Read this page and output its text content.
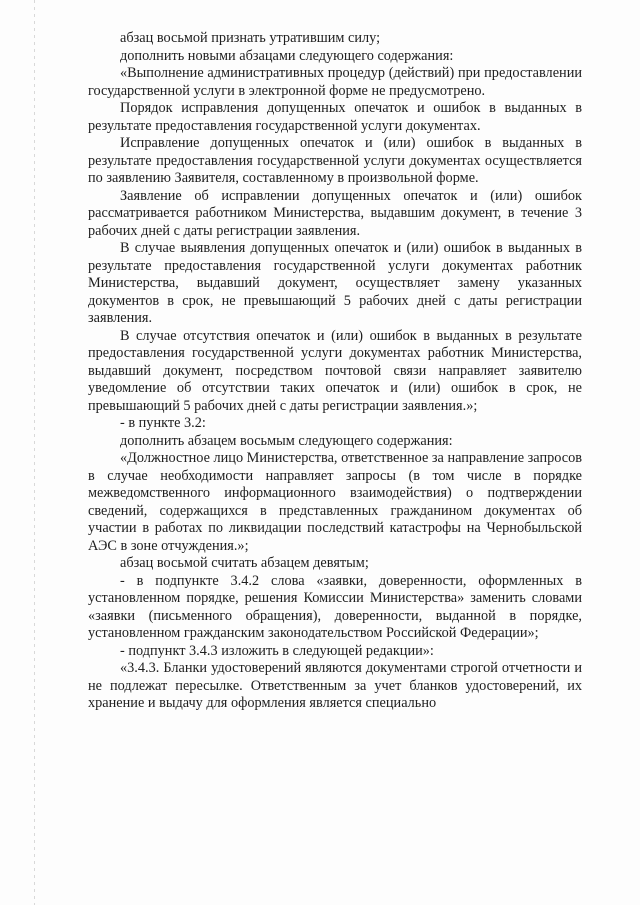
абзац восьмой признать утратившим силу;

дополнить новыми абзацами следующего содержания:

«Выполнение административных процедур (действий) при предоставлении государственной услуги в электронной форме не предусмотрено.

Порядок исправления допущенных опечаток и ошибок в выданных в результате предоставления государственной услуги документах.

Исправление допущенных опечаток и (или) ошибок в выданных в результате предоставления государственной услуги документах осуществляется по заявлению Заявителя, составленному в произвольной форме.

Заявление об исправлении допущенных опечаток и (или) ошибок рассматривается работником Министерства, выдавшим документ, в течение 3 рабочих дней с даты регистрации заявления.

В случае выявления допущенных опечаток и (или) ошибок в выданных в результате предоставления государственной услуги документах работник Министерства, выдавший документ, осуществляет замену указанных документов в срок, не превышающий 5 рабочих дней с даты регистрации заявления.

В случае отсутствия опечаток и (или) ошибок в выданных в результате предоставления государственной услуги документах работник Министерства, выдавший документ, посредством почтовой связи направляет заявителю уведомление об отсутствии таких опечаток и (или) ошибок в срок, не превышающий 5 рабочих дней с даты регистрации заявления.»;

- в пункте 3.2:

дополнить абзацем восьмым следующего содержания:

«Должностное лицо Министерства, ответственное за направление запросов в случае необходимости направляет запросы (в том числе в порядке межведомственного информационного взаимодействия) о подтверждении сведений, содержащихся в представленных гражданином документах об участии в работах по ликвидации последствий катастрофы на Чернобыльской АЭС в зоне отчуждения.»;

абзац восьмой считать абзацем девятым;

- в подпункте 3.4.2 слова «заявки, доверенности, оформленных в установленном порядке, решения Комиссии Министерства» заменить словами «заявки (письменного обращения), доверенности, выданной в порядке, установленном гражданским законодательством Российской Федерации»;

- подпункт 3.4.3 изложить в следующей редакции»:

«3.4.3. Бланки удостоверений являются документами строгой отчетности и не подлежат пересылке. Ответственным за учет бланков удостоверений, их хранение и выдачу для оформления является специально
